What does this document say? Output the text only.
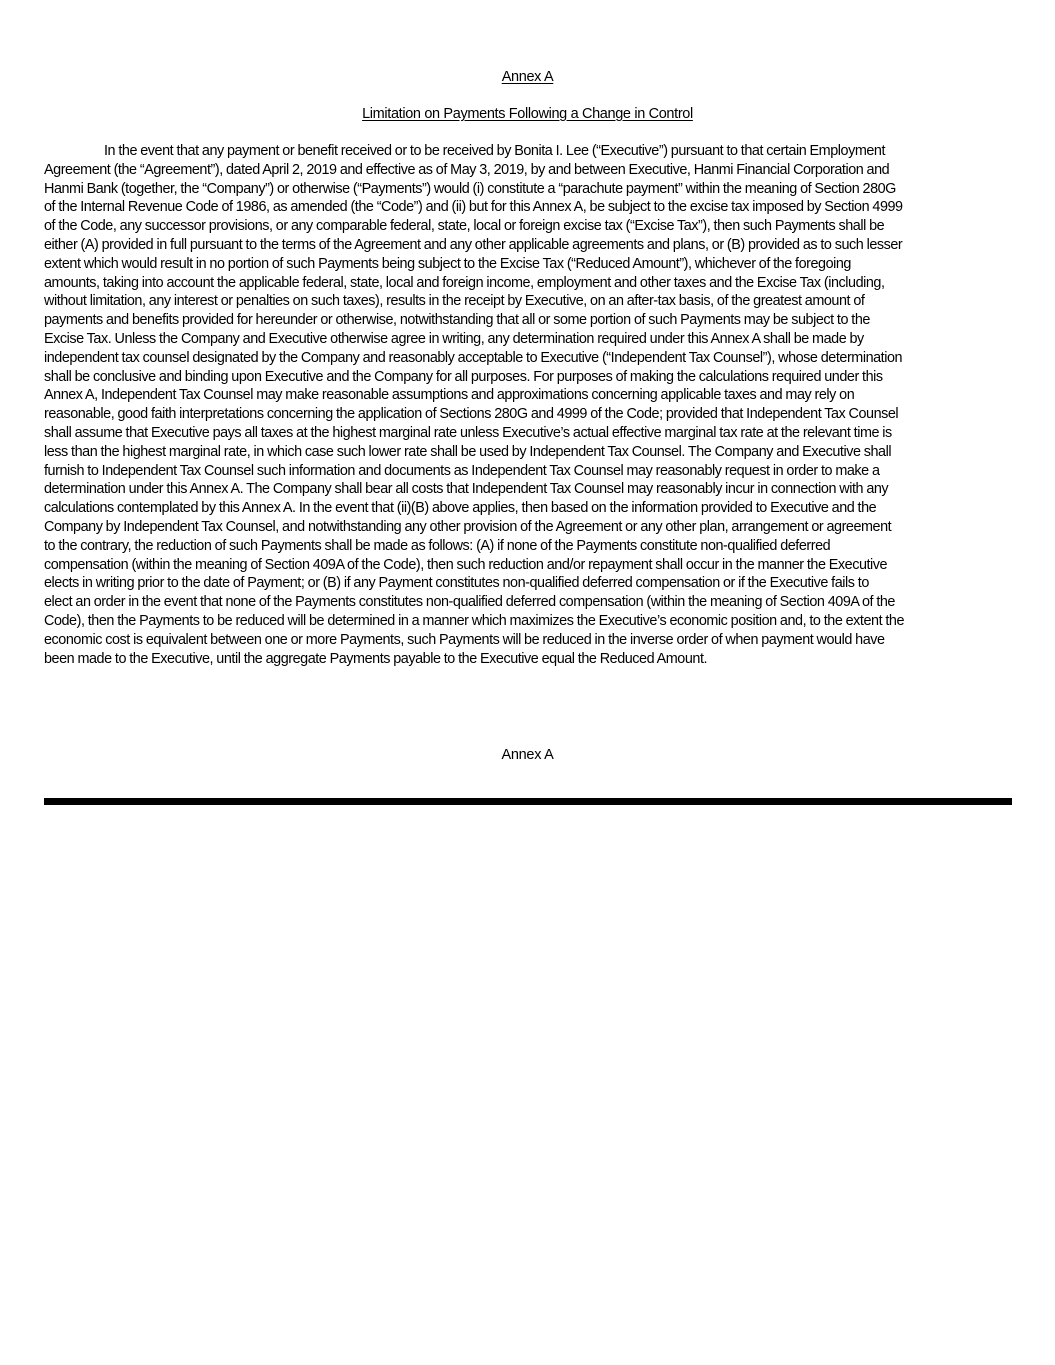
Annex A
Limitation on Payments Following a Change in Control

In the event that any payment or benefit received or to be received by Bonita I. Lee (“Executive”) pursuant to that certain Employment
Agreement (the “Agreement”), dated April 2, 2019 and effective as of May 3, 2019, by and between Executive, Hanmi Financial Corporation and
Hanmi Bank (together, the “Company”) or otherwise (“Payments”) would (i) constitute a “parachute payment” within the meaning of Section 280G
of the Internal Revenue Code of 1986, as amended (the “Code”) and (ii) but for this Annex A, be subject to the excise tax imposed by Section 4999
of the Code, any successor provisions, or any comparable federal, state, local or foreign excise tax (“Excise Tax”), then such Payments shall be
either (A) provided in full pursuant to the terms of the Agreement and any other applicable agreements and plans, or (B) provided as to such lesser
extent which would result in no portion of such Payments being subject to the Excise Tax (“Reduced Amount”), whichever of the foregoing
amounts, taking into account the applicable federal, state, local and foreign income, employment and other taxes and the Excise Tax (including,
without limitation, any interest or penalties on such taxes), results in the receipt by Executive, on an after-tax basis, of the greatest amount of
payments and benefits provided for hereunder or otherwise, notwithstanding that all or some portion of such Payments may be subject to the
Excise Tax. Unless the Company and Executive otherwise agree in writing, any determination required under this Annex A shall be made by
independent tax counsel designated by the Company and reasonably acceptable to Executive (“Independent Tax Counsel”), whose determination
shall be conclusive and binding upon Executive and the Company for all purposes. For purposes of making the calculations required under this
Annex A, Independent Tax Counsel may make reasonable assumptions and approximations concerning applicable taxes and may rely on
reasonable, good faith interpretations concerning the application of Sections 280G and 4999 of the Code; provided that Independent Tax Counsel
shall assume that Executive pays all taxes at the highest marginal rate unless Executive’s actual effective marginal tax rate at the relevant time is
less than the highest marginal rate, in which case such lower rate shall be used by Independent Tax Counsel. The Company and Executive shall
furnish to Independent Tax Counsel such information and documents as Independent Tax Counsel may reasonably request in order to make a
determination under this Annex A. The Company shall bear all costs that Independent Tax Counsel may reasonably incur in connection with any
calculations contemplated by this Annex A. In the event that (ii)(B) above applies, then based on the information provided to Executive and the
Company by Independent Tax Counsel, and notwithstanding any other provision of the Agreement or any other plan, arrangement or agreement
to the contrary, the reduction of such Payments shall be made as follows: (A) if none of the Payments constitute non-qualified deferred
compensation (within the meaning of Section 409A of the Code), then such reduction and/or repayment shall occur in the manner the Executive
elects in writing prior to the date of Payment; or (B) if any Payment constitutes non-qualified deferred compensation or if the Executive fails to
elect an order in the event that none of the Payments constitutes non-qualified deferred compensation (within the meaning of Section 409A of the
Code), then the Payments to be reduced will be determined in a manner which maximizes the Executive’s economic position and, to the extent the
economic cost is equivalent between one or more Payments, such Payments will be reduced in the inverse order of when payment would have
been made to the Executive, until the aggregate Payments payable to the Executive equal the Reduced Amount.

Annex A
